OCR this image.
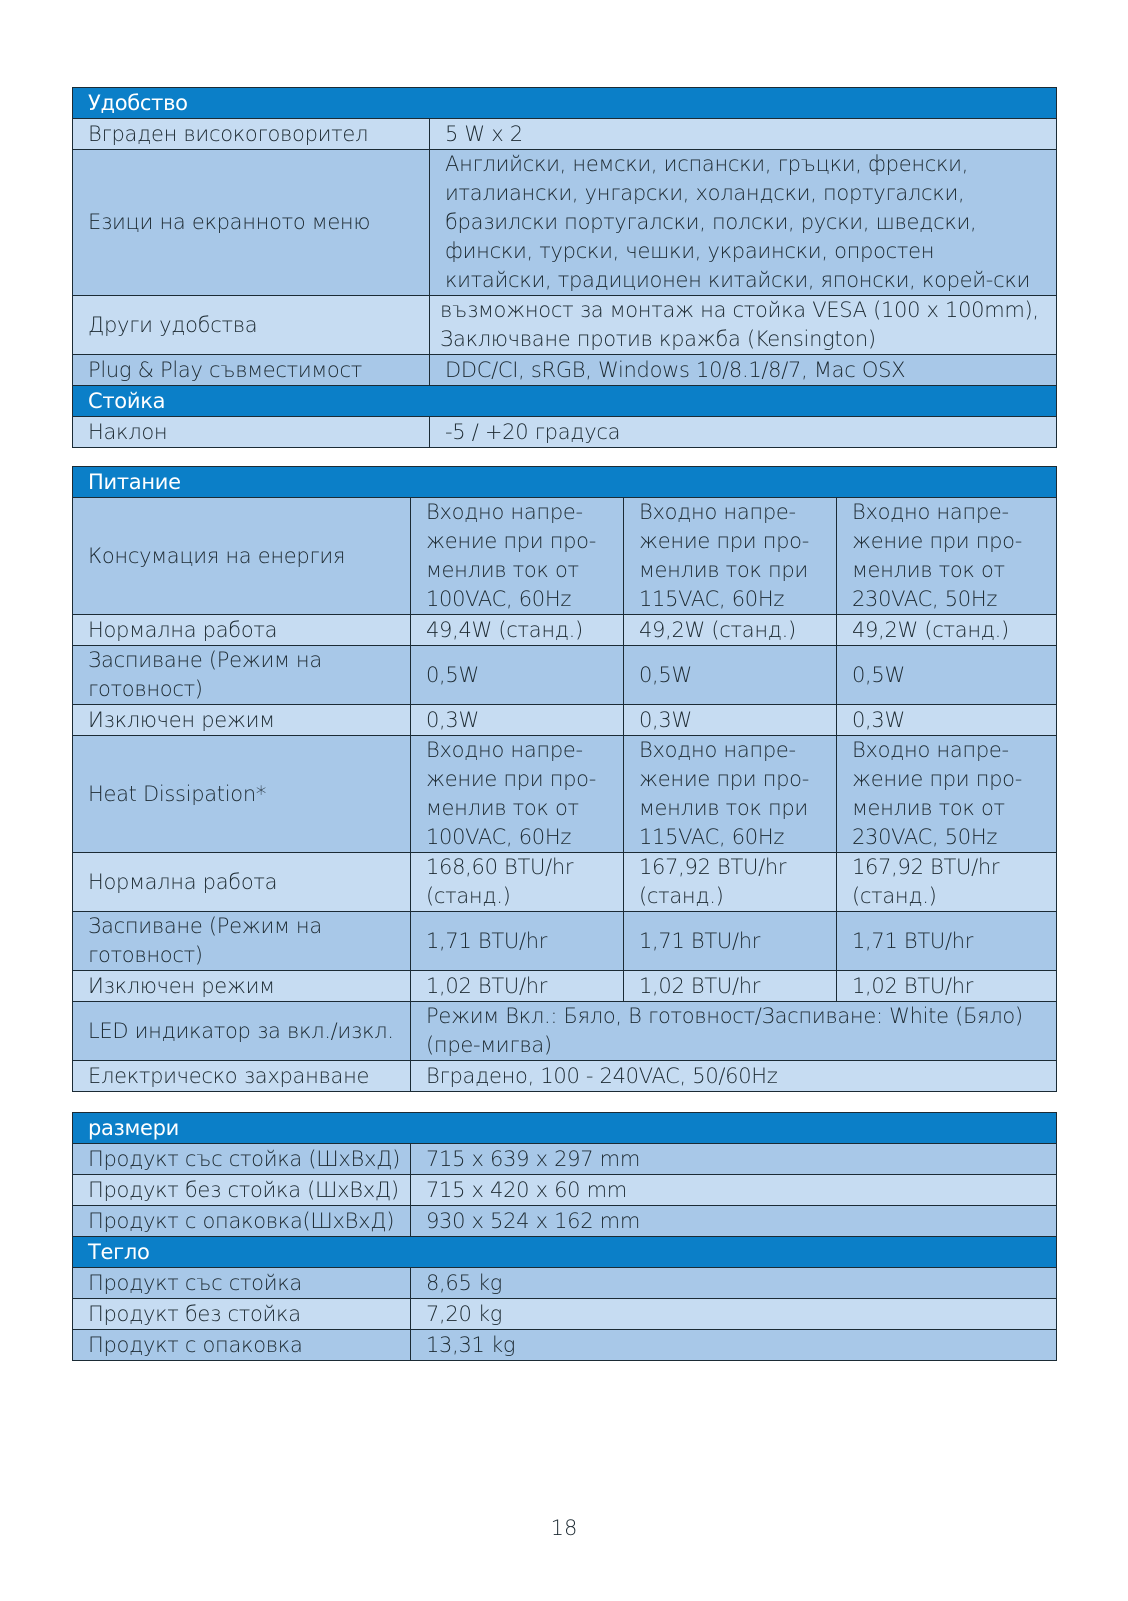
Удобство	
Вграден високоговорител	5 W x 2
Езици на екранното меню	Английски, немски, испански, гръцки, френски, италиански, унгарски, холандски, португалски, бразилски португалски, полски, руски, шведски, фински, турски, чешки, украински, опростен китайски, традиционен китайски, японски, корей-ски
Други удобства	възможност за монтаж на стойка VESA (100 x 100mm), Заключване против кражба (Kensington)
Plug & Play съвместимост	DDC/CI, sRGB, Windows 10/8.1/8/7, Mac OSX
Стойка	
Наклон	-5 / +20 градуса
Питание			
Консумация на енергия	Входно напре-жение при про-менлив ток от 100VAC, 60Hz	Входно напре-жение при про-менлив ток при 115VAC, 60Hz	Входно напре-жение при про-менлив ток от 230VAC, 50Hz
Нормална работа	49,4W (станд.)	49,2W (станд.)	49,2W (станд.)
Заспиване (Режим на готовност)	0,5W	0,5W	0,5W
Изключен режим	0,3W	0,3W	0,3W
Heat Dissipation*	Входно напре-жение при про-менлив ток от 100VAC, 60Hz	Входно напре-жение при про-менлив ток при 115VAC, 60Hz	Входно напре-жение при про-менлив ток от 230VAC, 50Hz
Нормална работа	168,60 BTU/hr (станд.)	167,92 BTU/hr (станд.)	167,92 BTU/hr (станд.)
Заспиване (Режим на готовност)	1,71 BTU/hr	1,71 BTU/hr	1,71 BTU/hr
Изключен режим	1,02 BTU/hr	1,02 BTU/hr	1,02 BTU/hr
LED индикатор за вкл./изкл.	Режим Вкл.: Бяло, В готовност/Заспиване: White (Бяло) (пре-мигва)		
Електрическо захранване	Вградено, 100 - 240VAC, 50/60Hz		
размери	
Продукт със стойка (ШxВxД)	715 x 639 x 297 mm
Продукт без стойка (ШxВxД)	715 x 420 x 60 mm
Продукт с опаковка(ШxВxД)	930 x 524 x 162 mm
Тегло	
Продукт със стойка	8,65 kg
Продукт без стойка	7,20 kg
Продукт с опаковка	13,31 kg
18
